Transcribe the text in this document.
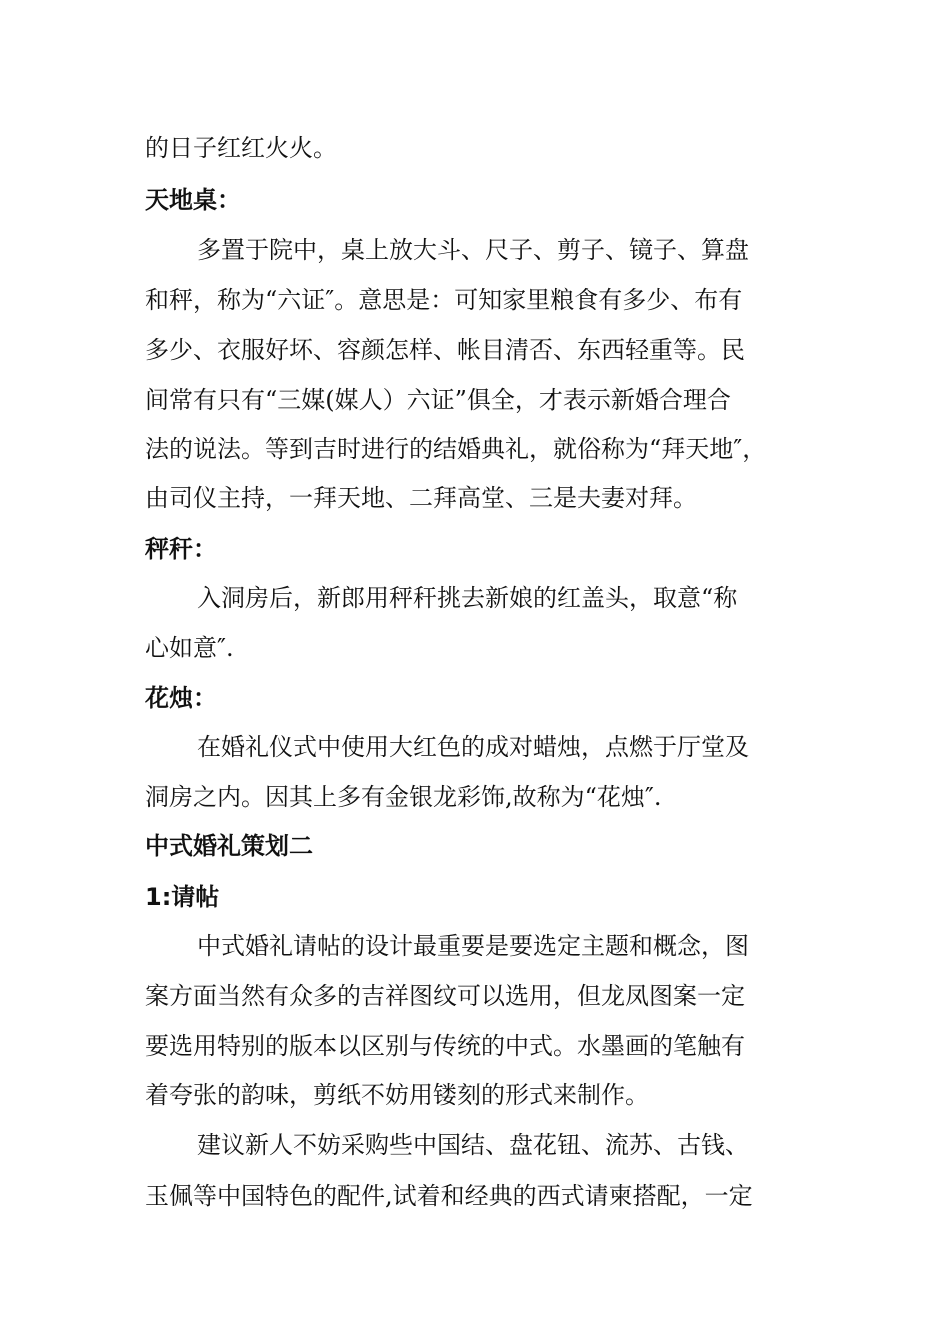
的日子红红火火。
天地桌：
多置于院中，桌上放大斗、尺子、剪子、镜子、算盘
和秤，称为“六证″。意思是：可知家里粮食有多少、布有
多少、衣服好坏、容颜怎样、帐目清否、东西轻重等。民
间常有只有“三媒(媒人）六证”俱全，才表示新婚合理合
法的说法。等到吉时进行的结婚典礼，就俗称为“拜天地″，
由司仪主持，一拜天地、二拜高堂、三是夫妻对拜。
秤秆：
入洞房后，新郎用秤秆挑去新娘的红盖头，取意“称
心如意″.
花烛：
在婚礼仪式中使用大红色的成对蜡烛，点燃于厅堂及
洞房之内。因其上多有金银龙彩饰,故称为“花烛″.
中式婚礼策划二
1:请帖
中式婚礼请帖的设计最重要是要选定主题和概念，图
案方面当然有众多的吉祥图纹可以选用，但龙凤图案一定
要选用特别的版本以区别与传统的中式。水墨画的笔触有
着夸张的韵味，剪纸不妨用镂刻的形式来制作。
建议新人不妨采购些中国结、盘花钮、流苏、古钱、
玉佩等中国特色的配件,试着和经典的西式请柬搭配，一定
